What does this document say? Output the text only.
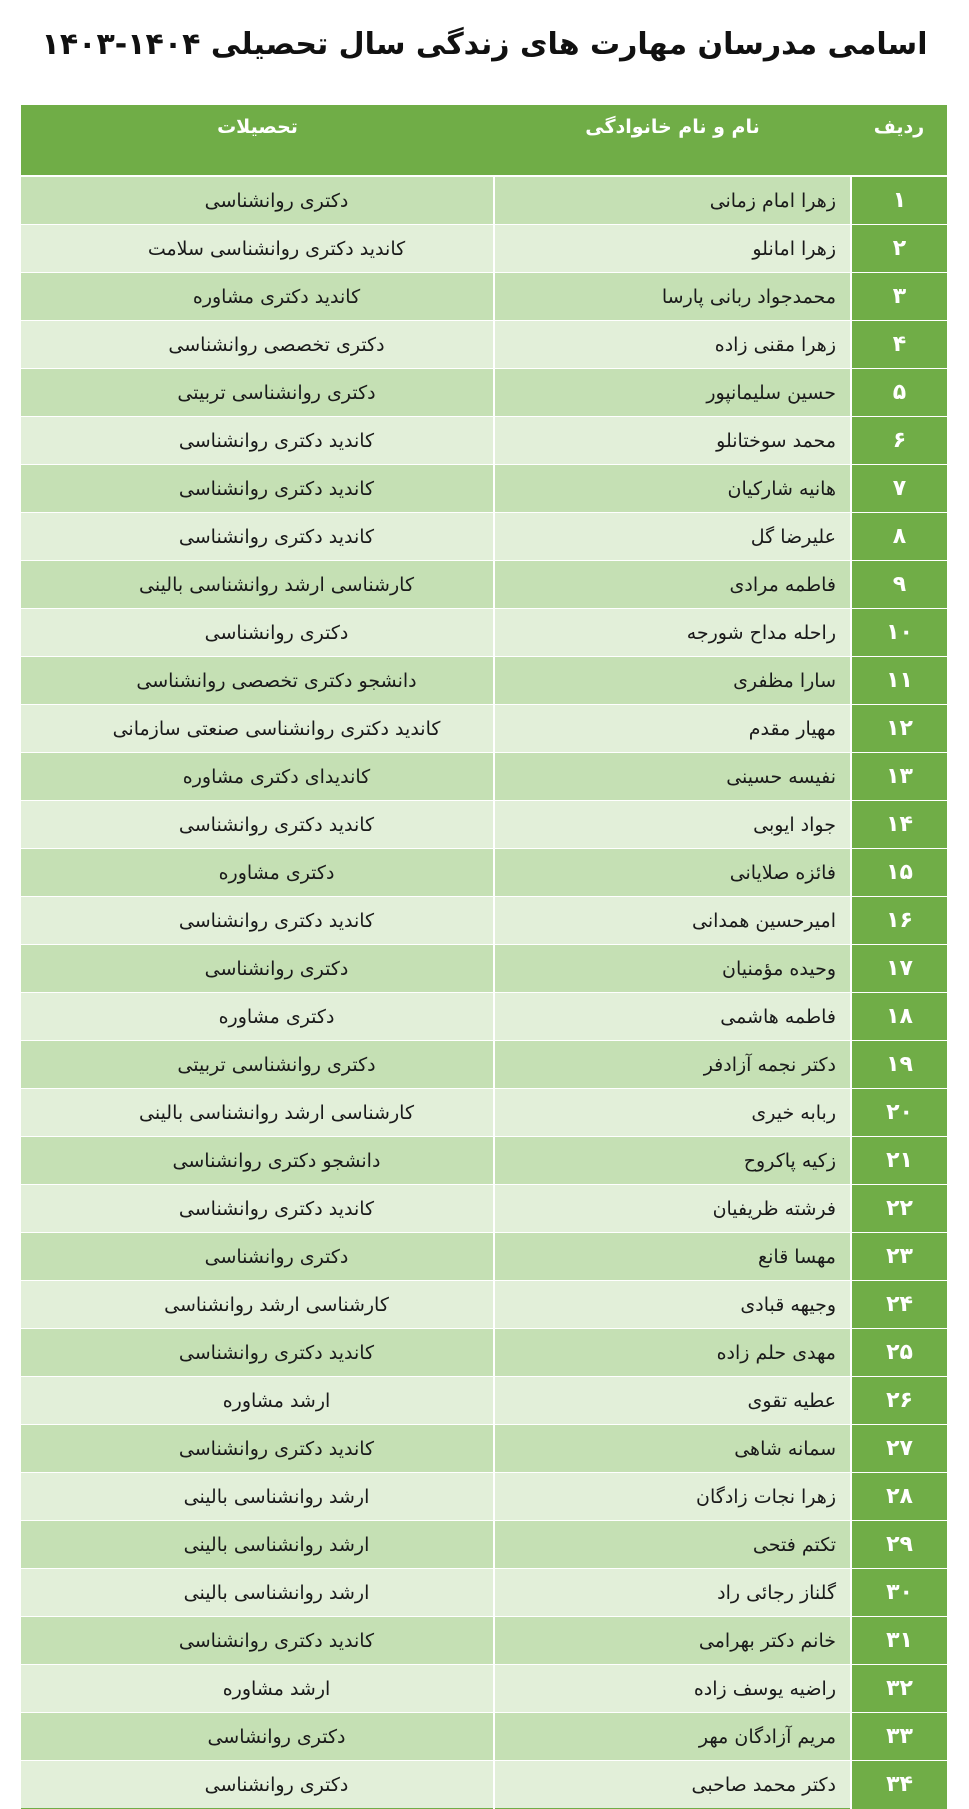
اسامی مدرسان مهارت های زندگی سال تحصیلی ۱۴۰۴-۱۴۰۳
ردیف	نام و نام خانوادگی	تحصیلات
۱	زهرا امام زمانی	دکتری روانشناسی
۲	زهرا امانلو	کاندید دکتری روانشناسی سلامت
۳	محمدجواد ربانی پارسا	کاندید دکتری مشاوره
۴	زهرا مقنی زاده	دکتری تخصصی روانشناسی
۵	حسین سلیمانپور	دکتری روانشناسی تربیتی
۶	محمد سوختانلو	کاندید دکتری روانشناسی
۷	هانیه شارکیان	کاندید دکتری روانشناسی
۸	علیرضا گل	کاندید دکتری روانشناسی
۹	فاطمه مرادی	کارشناسی ارشد روانشناسی بالینی
۱۰	راحله مداح شورجه	دکتری روانشناسی
۱۱	سارا مظفری	دانشجو دکتری تخصصی روانشناسی
۱۲	مهیار مقدم	کاندید دکتری روانشناسی صنعتی سازمانی
۱۳	نفیسه حسینی	کاندیدای دکتری مشاوره
۱۴	جواد ایوبی	کاندید دکتری روانشناسی
۱۵	فائزه صلایانی	دکتری مشاوره
۱۶	امیرحسین همدانی	کاندید دکتری روانشناسی
۱۷	وحیده مؤمنیان	دکتری روانشناسی
۱۸	فاطمه هاشمی	دکتری مشاوره
۱۹	دکتر نجمه آزادفر	دکتری روانشناسی تربیتی
۲۰	ربابه خیری	کارشناسی ارشد روانشناسی بالینی
۲۱	زکیه پاکروح	دانشجو دکتری روانشناسی
۲۲	فرشته ظریفیان	کاندید دکتری روانشناسی
۲۳	مهسا قانع	دکتری روانشناسی
۲۴	وجیهه قبادی	کارشناسی ارشد روانشناسی
۲۵	مهدی حلم زاده	کاندید دکتری روانشناسی
۲۶	عطیه تقوی	ارشد مشاوره
۲۷	سمانه شاهی	کاندید دکتری روانشناسی
۲۸	زهرا نجات زادگان	ارشد روانشناسی بالینی
۲۹	تکتم فتحی	ارشد روانشناسی بالینی
۳۰	گلناز رجائی راد	ارشد روانشناسی بالینی
۳۱	خانم دکتر بهرامی	کاندید دکتری روانشناسی
۳۲	راضیه یوسف زاده	ارشد مشاوره
۳۳	مریم آزادگان مهر	دکتری روانشاسی
۳۴	دکتر محمد صاحبی	دکتری روانشناسی
